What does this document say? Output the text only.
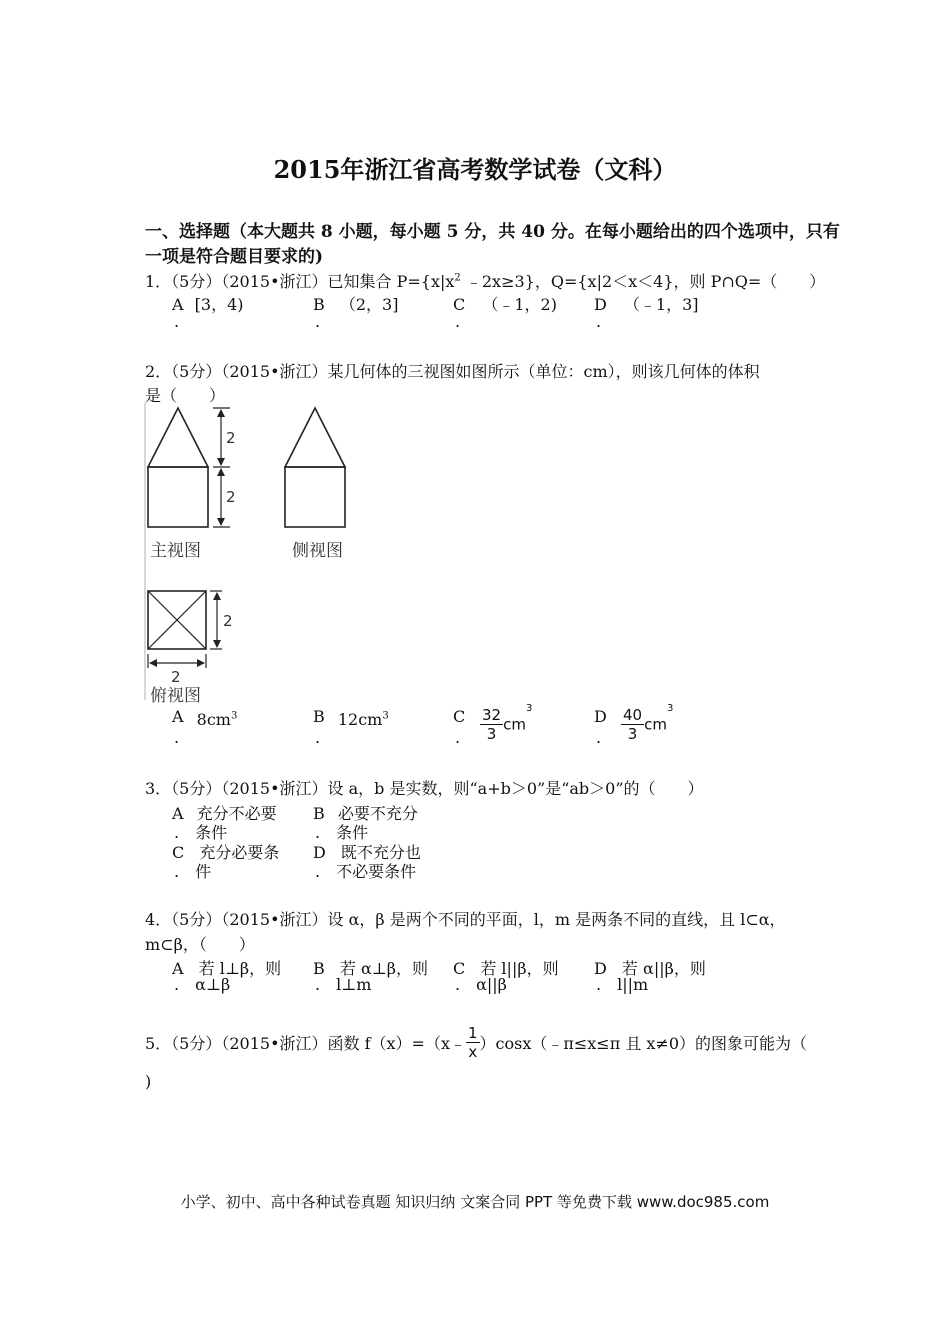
2015年浙江省高考数学试卷（文科）
一、选择题（本大题共 8 小题，每小题 5 分，共 40 分。在每小题给出的四个选项中，只有
一项是符合题目要求的)
1．（5分）（2015•浙江）已知集合 $P=\{x|x^2$ ﹣2x≥3}，Q={x|2＜x＜4}，则 P∩Q=（　　）
A [3，4)	B （2，3]	C （﹣1，2) D （﹣1，3]
.	.	.	.
2．（5分）（2015•浙江）某几何体的三视图如图所示（单位：cm），则该几何体的体积
是（　　）
2
2
主视图	侧视图
2
2
俯视图
A $8cm^3$	B $12cm^3$	C $\frac{32}{3} cm^3$	D $\frac{40}{3} cm^3$
.	.	.	.
3．（5分）（2015•浙江）设 a，b 是实数，则“a+b＞0”是“ab＞0”的（　　）
A 充分不必要
. 条件
B 必要不充分
. 条件
C 充分必要条
. 件
D 既不充分也
. 不必要条件
4．（5分）（2015•浙江）设 α，β 是两个不同的平面，l，m 是两条不同的直线，且 l⊂α，
m⊂β，（　　）
A 若 l⊥β，则
. α⊥β
B 若 α⊥β，则
. l⊥m
C 若 l||β，则
. α||β
D 若 α||β，则
. l||m
5．（5分）（2015•浙江）函数 f（x）=（x﹣ $\frac{1}{x}$ ）cosx（﹣π≤x≤π 且 x≠0）的图象可能为（
)
小学、初中、高中各种试卷真题 知识归纳 文案合同 PPT 等免费下载 www.doc985.com
